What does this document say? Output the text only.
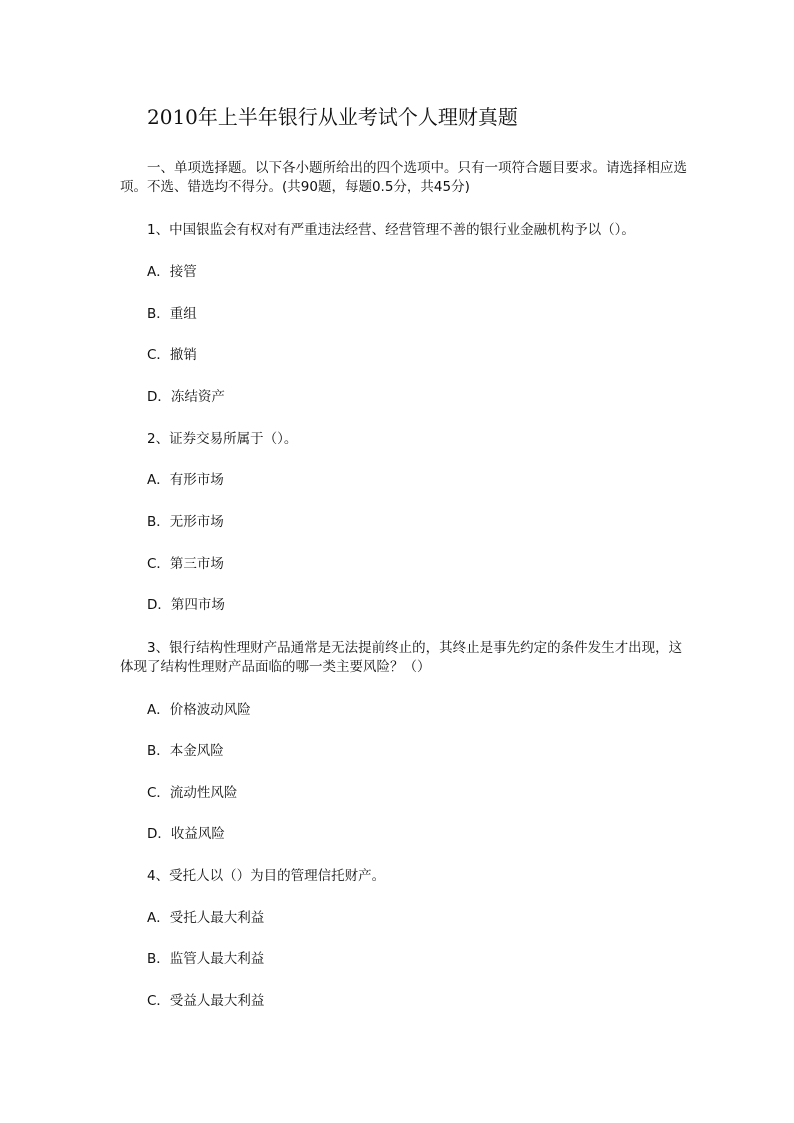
2010年上半年银行从业考试个人理财真题
一、单项选择题。以下各小题所给出的四个选项中。只有一项符合题目要求。请选择相应选项。不选、错选均不得分。(共90题，每题0.5分，共45分)
1、中国银监会有权对有严重违法经营、经营管理不善的银行业金融机构予以（）。
A．接管
B．重组
C．撤销
D．冻结资产
2、证券交易所属于（）。
A．有形市场
B．无形市场
C．第三市场
D．第四市场
3、银行结构性理财产品通常是无法提前终止的，其终止是事先约定的条件发生才出现，这体现了结构性理财产品面临的哪一类主要风险？（）
A．价格波动风险
B．本金风险
C．流动性风险
D．收益风险
4、受托人以（）为目的管理信托财产。
A．受托人最大利益
B．监管人最大利益
C．受益人最大利益
